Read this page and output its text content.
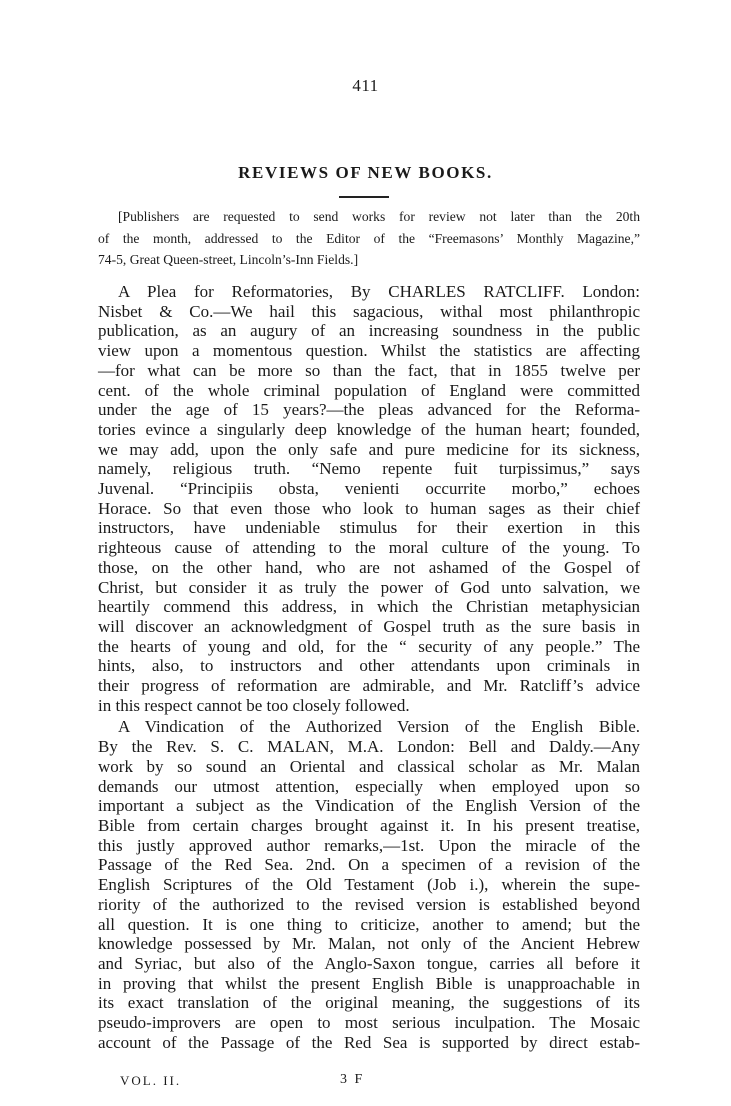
411
REVIEWS OF NEW BOOKS.
[Publishers are requested to send works for review not later than the 20th
of the month, addressed to the Editor of the “Freemasons’ Monthly Magazine,”
74-5, Great Queen-street, Lincoln’s-Inn Fields.]
A Plea for Reformatories, By CHARLES RATCLIFF. London:
Nisbet & Co.—We hail this sagacious, withal most philanthropic
publication, as an augury of an increasing soundness in the public
view upon a momentous question. Whilst the statistics are affecting
—for what can be more so than the fact, that in 1855 twelve per
cent. of the whole criminal population of England were committed
under the age of 15 years?—the pleas advanced for the Reforma-
tories evince a singularly deep knowledge of the human heart; founded,
we may add, upon the only safe and pure medicine for its sickness,
namely, religious truth. “Nemo repente fuit turpissimus,” says
Juvenal. “Principiis obsta, venienti occurrite morbo,” echoes
Horace. So that even those who look to human sages as their chief
instructors, have undeniable stimulus for their exertion in this
righteous cause of attending to the moral culture of the young. To
those, on the other hand, who are not ashamed of the Gospel of
Christ, but consider it as truly the power of God unto salvation, we
heartily commend this address, in which the Christian metaphysician
will discover an acknowledgment of Gospel truth as the sure basis in
the hearts of young and old, for the “ security of any people.” The
hints, also, to instructors and other attendants upon criminals in
their progress of reformation are admirable, and Mr. Ratcliff’s advice
in this respect cannot be too closely followed.
A Vindication of the Authorized Version of the English Bible.
By the Rev. S. C. MALAN, M.A. London: Bell and Daldy.—Any
work by so sound an Oriental and classical scholar as Mr. Malan
demands our utmost attention, especially when employed upon so
important a subject as the Vindication of the English Version of the
Bible from certain charges brought against it. In his present treatise,
this justly approved author remarks,—1st. Upon the miracle of the
Passage of the Red Sea. 2nd. On a specimen of a revision of the
English Scriptures of the Old Testament (Job i.), wherein the supe-
riority of the authorized to the revised version is established beyond
all question. It is one thing to criticize, another to amend; but the
knowledge possessed by Mr. Malan, not only of the Ancient Hebrew
and Syriac, but also of the Anglo-Saxon tongue, carries all before it
in proving that whilst the present English Bible is unapproachable in
its exact translation of the original meaning, the suggestions of its
pseudo-improvers are open to most serious inculpation. The Mosaic
account of the Passage of the Red Sea is supported by direct estab-
VOL. II.	3 F
